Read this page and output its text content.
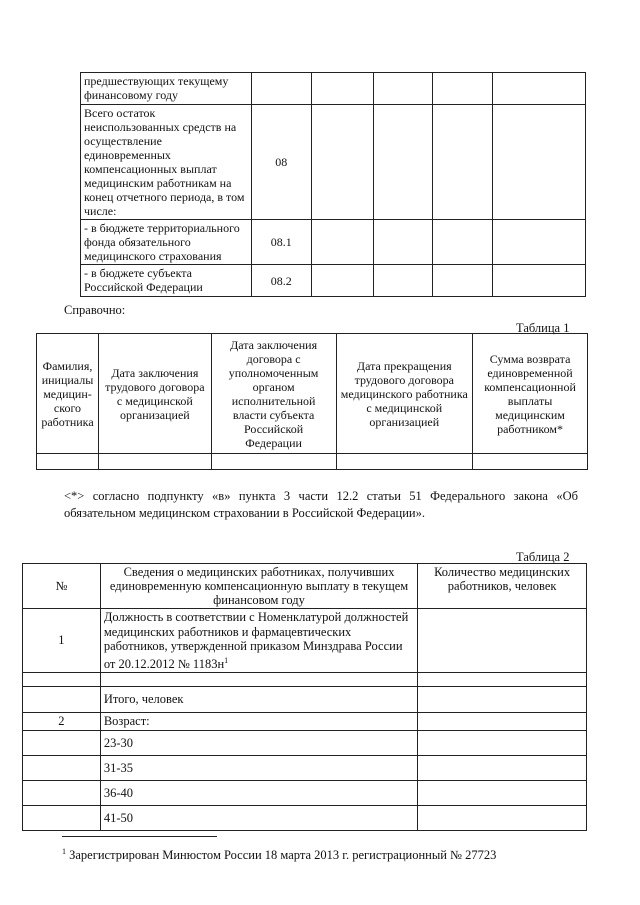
предшествующих текущему финансовому году					
Всего остаток неиспользованных средств на осуществление единовременных компенсационных выплат медицинским работникам на конец отчетного периода, в том числе:	08				
- в бюджете территориального фонда обязательного медицинского страхования	08.1				
- в бюджете субъекта Российской Федерации	08.2				
Справочно:
Таблица 1
Фамилия, инициалы медицин-ского работника	Дата заключения трудового договора с медицинской организацией	Дата заключения договора с уполномоченным органом исполнительной власти субъекта Российской Федерации	Дата прекращения трудового договора медицинского работника с медицинской организацией	Сумма возврата единовременной компенсационной выплаты медицинским работником*

<*> согласно подпункту «в» пункта 3 части 12.2 статьи 51 Федерального закона «Об обязательном медицинском страховании в Российской Федерации».
Таблица 2
№	Сведения о медицинских работниках, получивших единовременную компенсационную выплату в текущем финансовом году	Количество медицинских работников, человек
1	Должность в соответствии с Номенклатурой должностей медицинских работников и фармацевтических работников, утвержденной приказом Минздрава России от 20.12.2012 № $1183н^1$	

	Итого, человек	
2	Возраст:	
	23-30	
	31-35	
	36-40	
	41-50	
$^1$ Зарегистрирован Минюстом России 18 марта 2013 г. регистрационный № 27723
